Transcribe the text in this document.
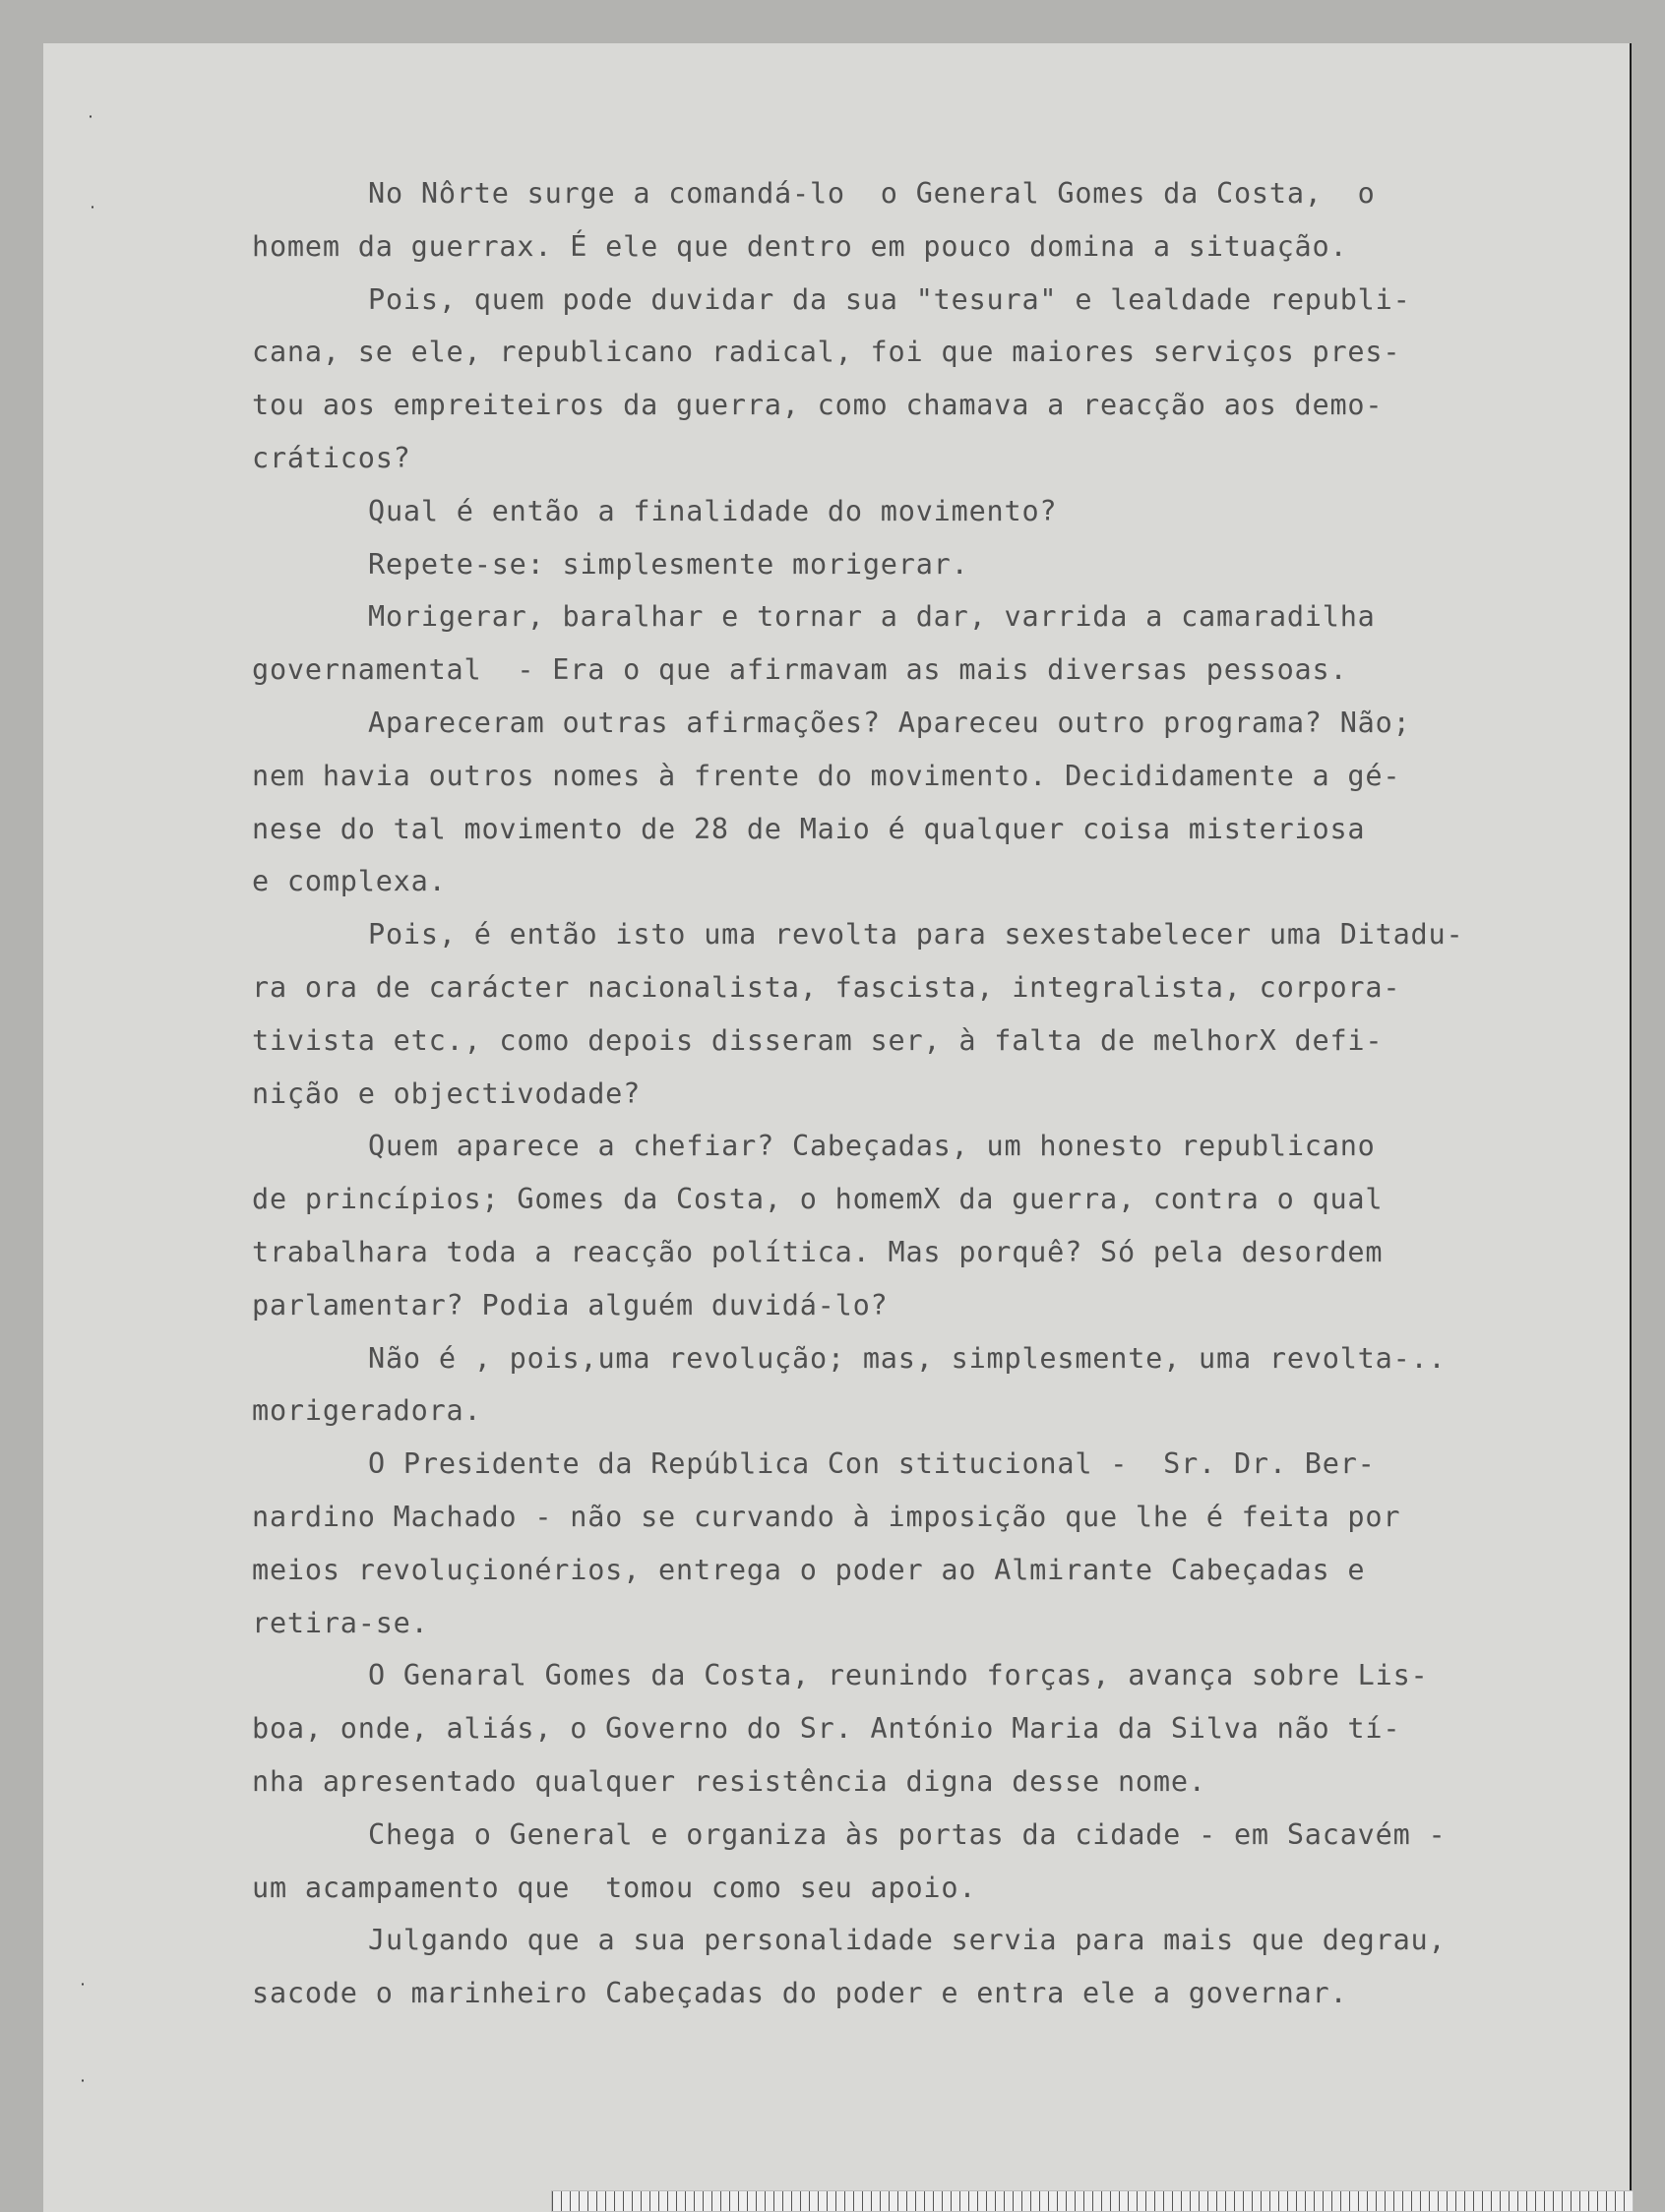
˙
˙
˙
˙
No Nôrte surge a comandá-lo  o General Gomes da Costa,  o
homem da guerrax. É ele que dentro em pouco domina a situação.
Pois, quem pode duvidar da sua "tesura" e lealdade republi-
cana, se ele, republicano radical, foi que maiores serviços pres-
tou aos empreiteiros da guerra, como chamava a reacção aos demo-
cráticos?
Qual é então a finalidade do movimento?
Repete-se: simplesmente morigerar.
Morigerar, baralhar e tornar a dar, varrida a camaradilha
governamental  - Era o que afirmavam as mais diversas pessoas.
Apareceram outras afirmações? Apareceu outro programa? Não;
nem havia outros nomes à frente do movimento. Decididamente a gé-
nese do tal movimento de 28 de Maio é qualquer coisa misteriosa
e complexa.
Pois, é então isto uma revolta para sexestabelecer uma Ditadu-
ra ora de carácter nacionalista, fascista, integralista, corpora-
tivista etc., como depois disseram ser, à falta de melhorX defi-
nição e objectivodade?
Quem aparece a chefiar? Cabeçadas, um honesto republicano
de princípios; Gomes da Costa, o homemX da guerra, contra o qual
trabalhara toda a reacção política. Mas porquê? Só pela desordem
parlamentar? Podia alguém duvidá-lo?
Não é , pois,uma revolução; mas, simplesmente, uma revolta-..
morigeradora.
O Presidente da República Con stitucional -  Sr. Dr. Ber-
nardino Machado - não se curvando à imposição que lhe é feita por
meios revoluçionérios, entrega o poder ao Almirante Cabeçadas e
retira-se.
O Genaral Gomes da Costa, reunindo forças, avança sobre Lis-
boa, onde, aliás, o Governo do Sr. António Maria da Silva não tí-
nha apresentado qualquer resistência digna desse nome.
Chega o General e organiza às portas da cidade - em Sacavém -
um acampamento que  tomou como seu apoio.
Julgando que a sua personalidade servia para mais que degrau,
sacode o marinheiro Cabeçadas do poder e entra ele a governar.
